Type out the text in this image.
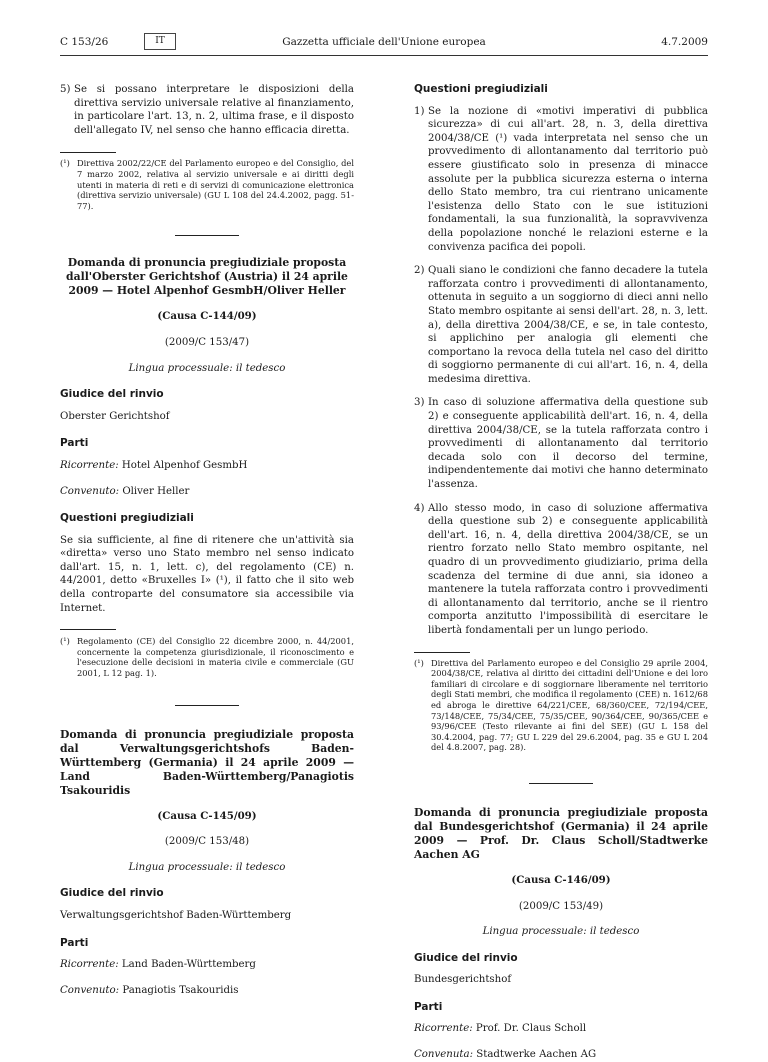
C 153/26	IT	Gazzetta ufficiale dell'Unione europea	4.7.2009
5) Se si possano interpretare le disposizioni della direttiva servizio universale relative al finanziamento, in particolare l'art. 13, n. 2, ultima frase, e il disposto dell'allegato IV, nel senso che hanno efficacia diretta.
(¹) Direttiva 2002/22/CE del Parlamento europeo e del Consiglio, del 7 marzo 2002, relativa al servizio universale e ai diritti degli utenti in materia di reti e di servizi di comunicazione elettronica (direttiva servizio universale) (GU L 108 del 24.4.2002, pagg. 51-77).

Domanda di pronuncia pregiudiziale proposta dall'Oberster Gerichtshof (Austria) il 24 aprile 2009 — Hotel Alpenhof GesmbH/Oliver Heller

(Causa C-144/09)

(2009/C 153/47)

Lingua processuale: il tedesco

Giudice del rinvio

Oberster Gerichtshof

Parti

Ricorrente: Hotel Alpenhof GesmbH

Convenuto: Oliver Heller

Questioni pregiudiziali

Se sia sufficiente, al fine di ritenere che un'attività sia «diretta» verso uno Stato membro nel senso indicato dall'art. 15, n. 1, lett. c), del regolamento (CE) n. 44/2001, detto «Bruxelles I» (¹), il fatto che il sito web della controparte del consumatore sia accessibile via Internet.

(¹) Regolamento (CE) del Consiglio 22 dicembre 2000, n. 44/2001, concernente la competenza giurisdizionale, il riconoscimento e l'esecuzione delle decisioni in materia civile e commerciale (GU 2001, L 12 pag. 1).

Domanda di pronuncia pregiudiziale proposta dal Verwaltungsgerichtshofs Baden-Württemberg (Germania) il 24 aprile 2009 — Land Baden-Württemberg/Panagiotis Tsakouridis

(Causa C-145/09)

(2009/C 153/48)

Lingua processuale: il tedesco

Giudice del rinvio

Verwaltungsgerichtshof Baden-Württemberg

Parti

Ricorrente: Land Baden-Württemberg

Convenuto: Panagiotis Tsakouridis

Questioni pregiudiziali

1) Se la nozione di «motivi imperativi di pubblica sicurezza» di cui all'art. 28, n. 3, della direttiva 2004/38/CE (¹) vada interpretata nel senso che un provvedimento di allontanamento dal territorio può essere giustificato solo in presenza di minacce assolute per la pubblica sicurezza esterna o interna dello Stato membro, tra cui rientrano unicamente l'esistenza dello Stato con le sue istituzioni fondamentali, la sua funzionalità, la sopravvivenza della popolazione nonché le relazioni esterne e la convivenza pacifica dei popoli.
2) Quali siano le condizioni che fanno decadere la tutela rafforzata contro i provvedimenti di allontanamento, ottenuta in seguito a un soggiorno di dieci anni nello Stato membro ospitante ai sensi dell'art. 28, n. 3, lett. a), della direttiva 2004/38/CE, e se, in tale contesto, si applichino per analogia gli elementi che comportano la revoca della tutela nel caso del diritto di soggiorno permanente di cui all'art. 16, n. 4, della medesima direttiva.
3) In caso di soluzione affermativa della questione sub 2) e conseguente applicabilità dell'art. 16, n. 4, della direttiva 2004/38/CE, se la tutela rafforzata contro i provvedimenti di allontanamento dal territorio decada solo con il decorso del termine, indipendentemente dai motivi che hanno determinato l'assenza.
4) Allo stesso modo, in caso di soluzione affermativa della questione sub 2) e conseguente applicabilità dell'art. 16, n. 4, della direttiva 2004/38/CE, se un rientro forzato nello Stato membro ospitante, nel quadro di un provvedimento giudiziario, prima della scadenza del termine di due anni, sia idoneo a mantenere la tutela rafforzata contro i provvedimenti di allontanamento dal territorio, anche se il rientro comporta anzitutto l'impossibilità di esercitare le libertà fondamentali per un lungo periodo.
(¹) Direttiva del Parlamento europeo e del Consiglio 29 aprile 2004, 2004/38/CE, relativa al diritto dei cittadini dell'Unione e dei loro familiari di circolare e di soggiornare liberamente nel territorio degli Stati membri, che modifica il regolamento (CEE) n. 1612/68 ed abroga le direttive 64/221/CEE, 68/360/CEE, 72/194/CEE, 73/148/CEE, 75/34/CEE, 75/35/CEE, 90/364/CEE, 90/365/CEE e 93/96/CEE (Testo rilevante ai fini del SEE) (GU L 158 del 30.4.2004, pag. 77; GU L 229 del 29.6.2004, pag. 35 e GU L 204 del 4.8.2007, pag. 28).

Domanda di pronuncia pregiudiziale proposta dal Bundesgerichtshof (Germania) il 24 aprile 2009 — Prof. Dr. Claus Scholl/Stadtwerke Aachen AG

(Causa C-146/09)

(2009/C 153/49)

Lingua processuale: il tedesco

Giudice del rinvio

Bundesgerichtshof

Parti

Ricorrente: Prof. Dr. Claus Scholl

Convenuta: Stadtwerke Aachen AG
